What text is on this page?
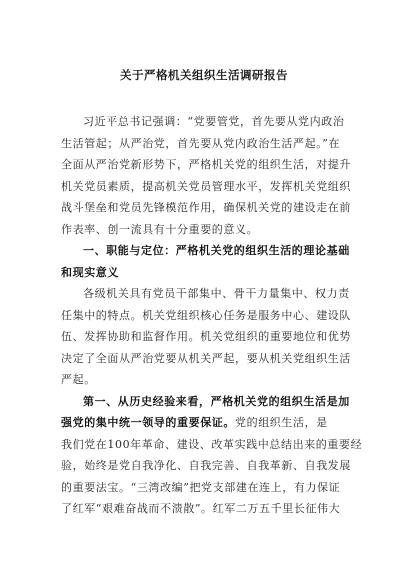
关于严格机关组织生活调研报告
习近平总书记强调：“党要管党，首先要从党内政治
生活管起；从严治党，首先要从党内政治生活严起。”在
全面从严治党新形势下，严格机关党的组织生活，对提升
机关党员素质，提高机关党员管理水平，发挥机关党组织
战斗堡垒和党员先锋模范作用，确保机关党的建设走在前
作表率、创一流具有十分重要的意义。
一、职能与定位：严格机关党的组织生活的理论基础
和现实意义
各级机关具有党员干部集中、骨干力量集中、权力责
任集中的特点。机关党组织核心任务是服务中心、建设队
伍、发挥协助和监督作用。机关党组织的重要地位和优势
决定了全面从严治党要从机关严起，要从机关党组织生活
严起。
第一、从历史经验来看，严格机关党的组织生活是加
强党的集中统一领导的重要保证。党的组织生活，是
我们党在100年革命、建设、改革实践中总结出来的重要经
验，始终是党自我净化、自我完善、自我革新、自我发展
的重要法宝。“三湾改编”把党支部建在连上，有力保证
了红军“艰难奋战而不溃散”。红军二万五千里长征伟大
